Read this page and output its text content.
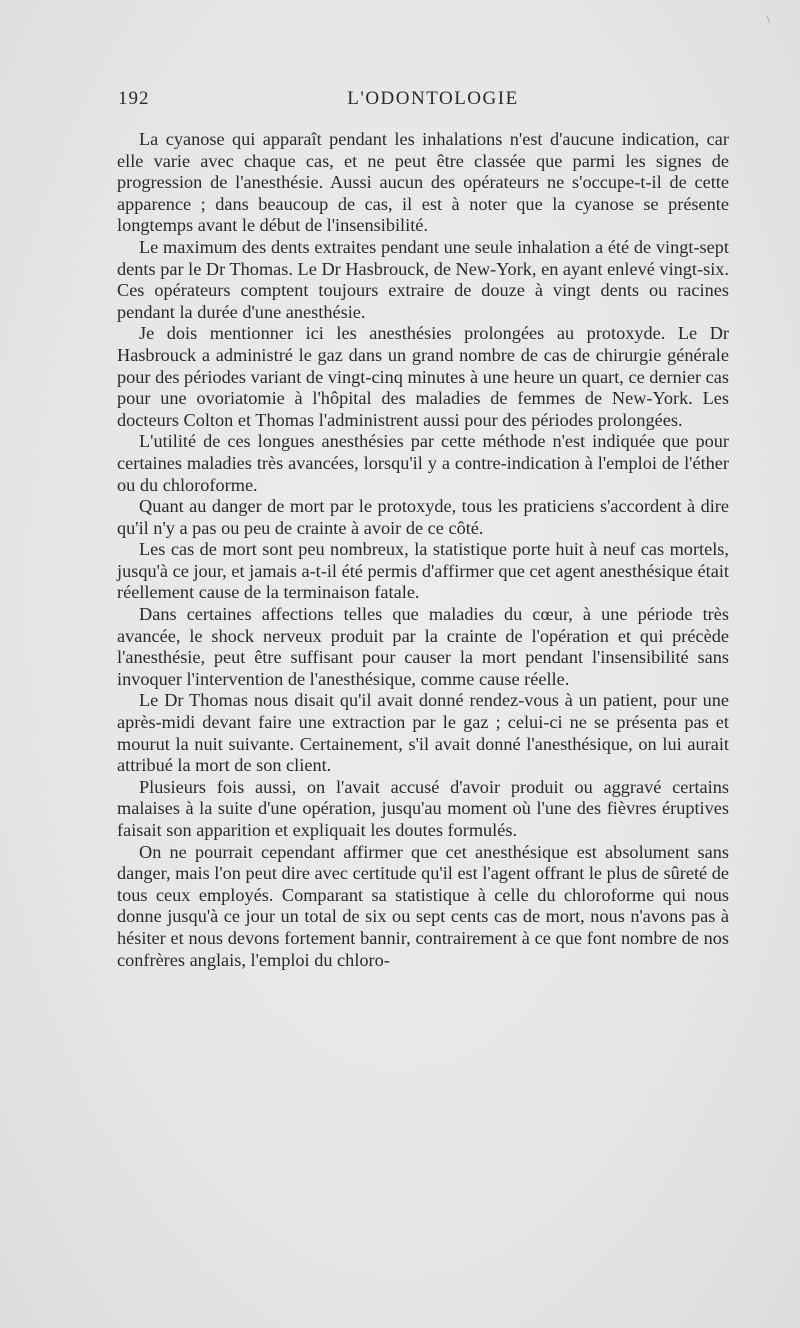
\
192	L'ODONTOLOGIE

La cyanose qui apparaît pendant les inhalations n'est d'aucune indication, car elle varie avec chaque cas, et ne peut être classée que parmi les signes de progression de l'anesthésie. Aussi aucun des opérateurs ne s'occupe-t-il de cette apparence ; dans beaucoup de cas, il est à noter que la cyanose se présente longtemps avant le début de l'insensibilité.

Le maximum des dents extraites pendant une seule inhalation a été de vingt-sept dents par le Dr Thomas. Le Dr Hasbrouck, de New-York, en ayant enlevé vingt-six. Ces opérateurs comptent toujours extraire de douze à vingt dents ou racines pendant la durée d'une anesthésie.

Je dois mentionner ici les anesthésies prolongées au protoxyde. Le Dr Hasbrouck a administré le gaz dans un grand nombre de cas de chirurgie générale pour des périodes variant de vingt-cinq minutes à une heure un quart, ce dernier cas pour une ovoriatomie à l'hôpital des maladies de femmes de New-York. Les docteurs Colton et Thomas l'administrent aussi pour des périodes prolongées.

L'utilité de ces longues anesthésies par cette méthode n'est indiquée que pour certaines maladies très avancées, lorsqu'il y a contre-indication à l'emploi de l'éther ou du chloroforme.

Quant au danger de mort par le protoxyde, tous les praticiens s'accordent à dire qu'il n'y a pas ou peu de crainte à avoir de ce côté.

Les cas de mort sont peu nombreux, la statistique porte huit à neuf cas mortels, jusqu'à ce jour, et jamais a-t-il été permis d'affirmer que cet agent anesthésique était réellement cause de la terminaison fatale.

Dans certaines affections telles que maladies du cœur, à une période très avancée, le shock nerveux produit par la crainte de l'opération et qui précède l'anesthésie, peut être suffisant pour causer la mort pendant l'insensibilité sans invoquer l'intervention de l'anesthésique, comme cause réelle.

Le Dr Thomas nous disait qu'il avait donné rendez-vous à un patient, pour une après-midi devant faire une extraction par le gaz ; celui-ci ne se présenta pas et mourut la nuit suivante. Certainement, s'il avait donné l'anesthésique, on lui aurait attribué la mort de son client.

Plusieurs fois aussi, on l'avait accusé d'avoir produit ou aggravé certains malaises à la suite d'une opération, jusqu'au moment où l'une des fièvres éruptives faisait son apparition et expliquait les doutes formulés.

On ne pourrait cependant affirmer que cet anesthésique est absolument sans danger, mais l'on peut dire avec certitude qu'il est l'agent offrant le plus de sûreté de tous ceux employés. Comparant sa statistique à celle du chloroforme qui nous donne jusqu'à ce jour un total de six ou sept cents cas de mort, nous n'avons pas à hésiter et nous devons fortement bannir, contrairement à ce que font nombre de nos confrères anglais, l'emploi du chloro-
